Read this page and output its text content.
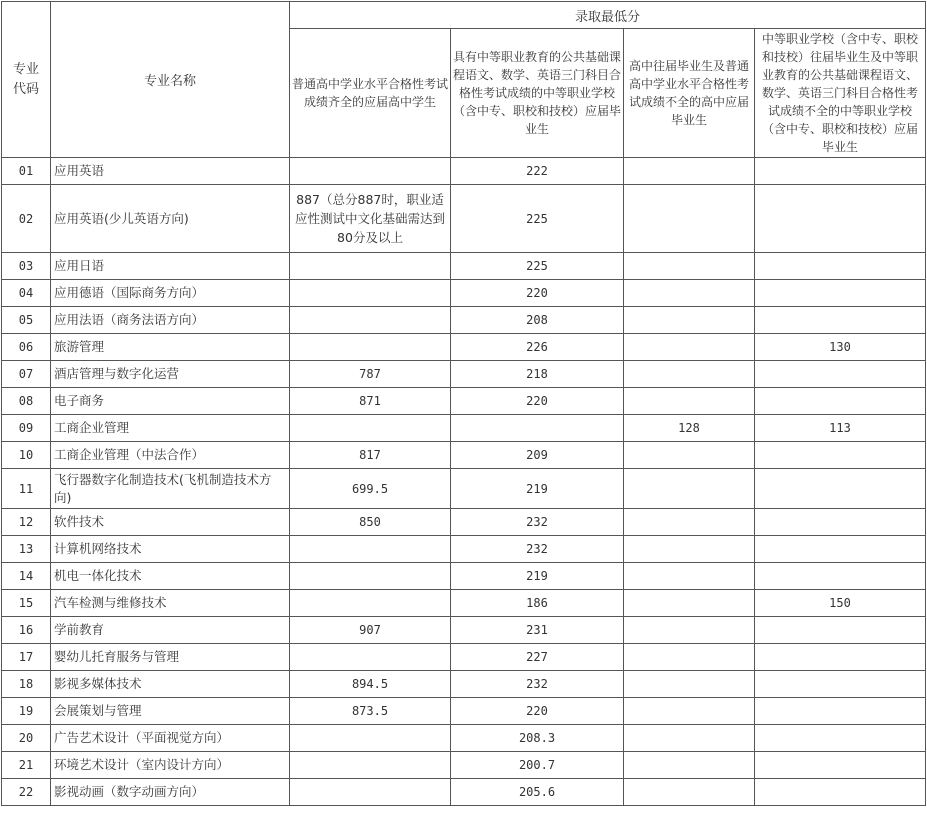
专业
代码	专业名称	录取最低分			
		普通高中学业水平合格性考试成绩齐全的应届高中学生	具有中等职业教育的公共基础课程语文、数学、英语三门科目合格性考试成绩的中等职业学校（含中专、职校和技校）应届毕业生	高中往届毕业生及普通高中学业水平合格性考试成绩不全的高中应届毕业生	中等职业学校（含中专、职校和技校）往届毕业生及中等职业教育的公共基础课程语文、数学、英语三门科目合格性考试成绩不全的中等职业学校（含中专、职校和技校）应届毕业生
01	应用英语		222		
02	应用英语(少儿英语方向)	887（总分887时，职业适应性测试中文化基础需达到80分及以上	225		
03	应用日语		225		
04	应用德语（国际商务方向）		220		
05	应用法语（商务法语方向）		208		
06	旅游管理		226		130
07	酒店管理与数字化运营	787	218		
08	电子商务	871	220		
09	工商企业管理			128	113
10	工商企业管理（中法合作）	817	209		
11	飞行器数字化制造技术(飞机制造技术方向)	699.5	219		
12	软件技术	850	232		
13	计算机网络技术		232		
14	机电一体化技术		219		
15	汽车检测与维修技术		186		150
16	学前教育	907	231		
17	婴幼儿托育服务与管理		227		
18	影视多媒体技术	894.5	232		
19	会展策划与管理	873.5	220		
20	广告艺术设计（平面视觉方向）		208.3		
21	环境艺术设计（室内设计方向）		200.7		
22	影视动画（数字动画方向）		205.6		
